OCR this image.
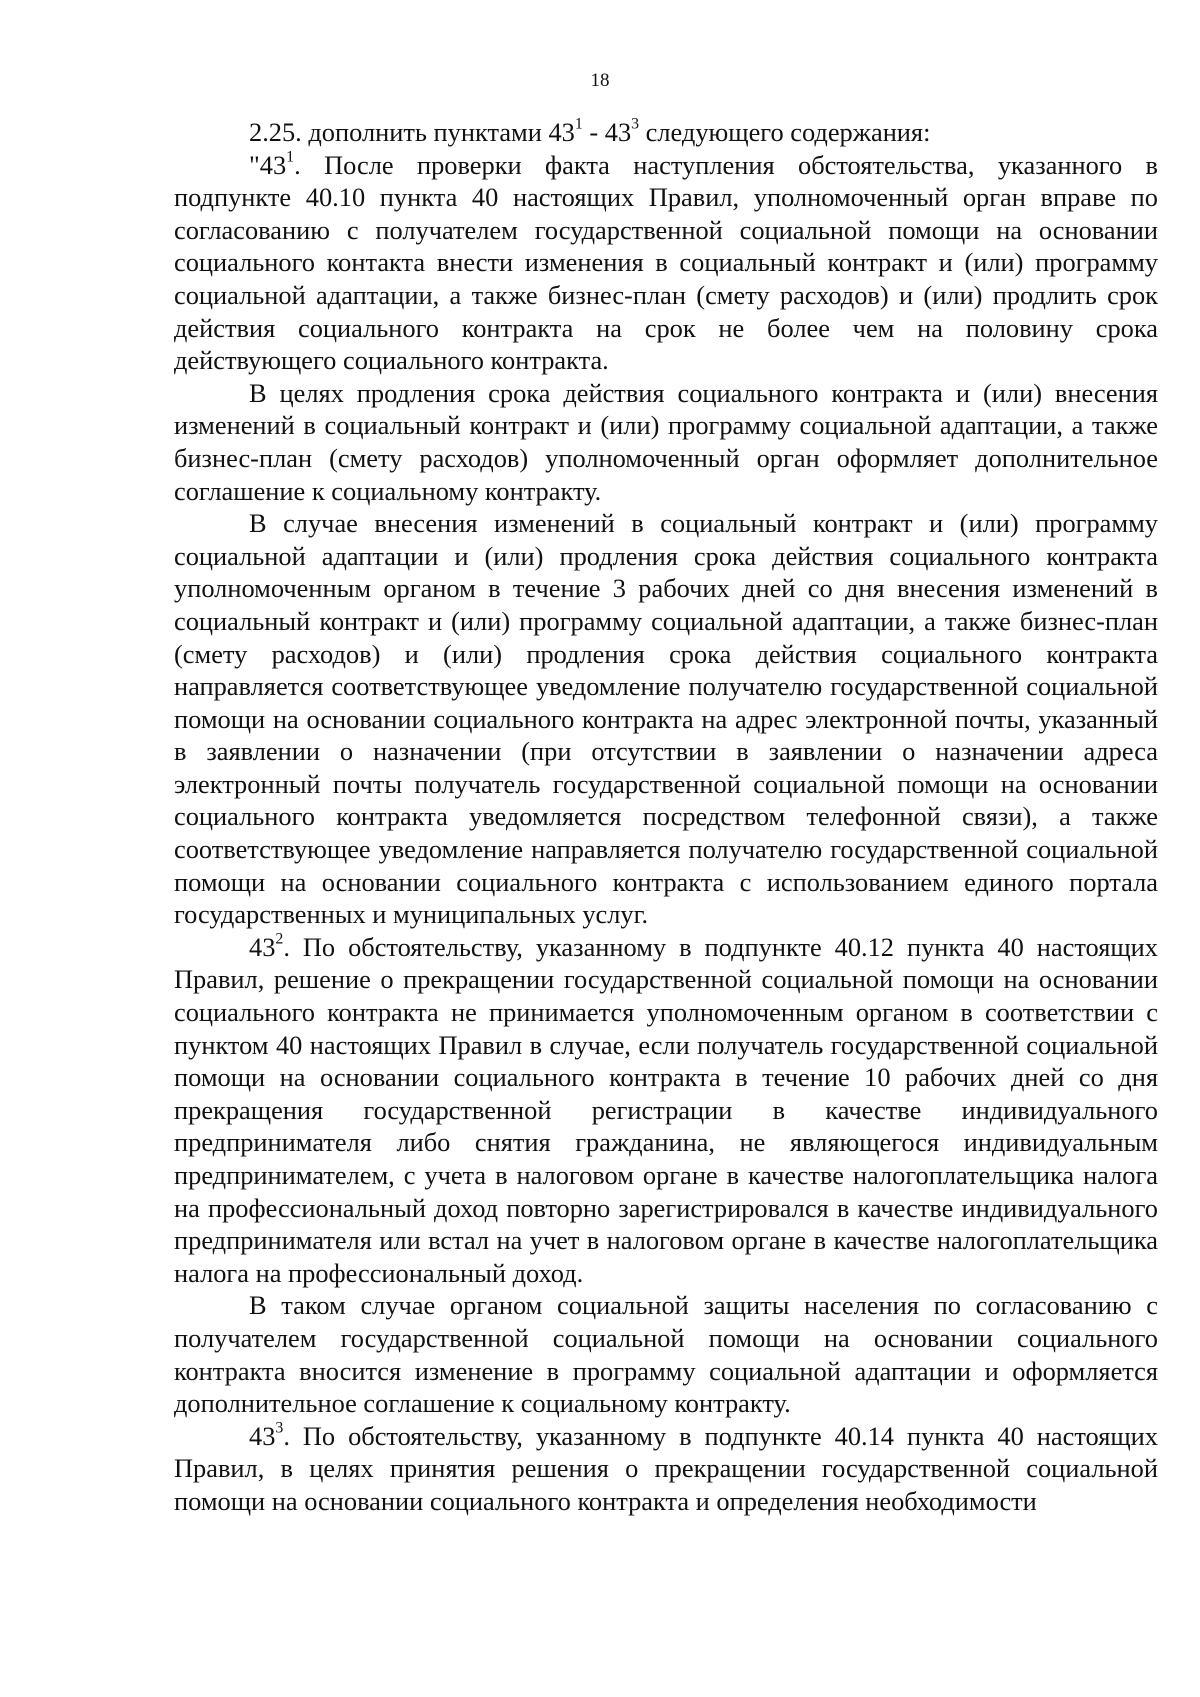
18

2.25. дополнить пунктами $43^1 - 43^3$ следующего содержания:

"$43^1$. После проверки факта наступления обстоятельства, указанного в подпункте 40.10 пункта 40 настоящих Правил, уполномоченный орган вправе по согласованию с получателем государственной социальной помощи на основании социального контакта внести изменения в социальный контракт и (или) программу социальной адаптации, а также бизнес-план (смету расходов) и (или) продлить срок действия социального контракта на срок не более чем на половину срока действующего социального контракта.

В целях продления срока действия социального контракта и (или) внесения изменений в социальный контракт и (или) программу социальной адаптации, а также бизнес-план (смету расходов) уполномоченный орган оформляет дополнительное соглашение к социальному контракту.

В случае внесения изменений в социальный контракт и (или) программу социальной адаптации и (или) продления срока действия социального контракта уполномоченным органом в течение 3 рабочих дней со дня внесения изменений в социальный контракт и (или) программу социальной адаптации, а также бизнес-план (смету расходов) и (или) продления срока действия социального контракта направляется соответствующее уведомление получателю государственной социальной помощи на основании социального контракта на адрес электронной почты, указанный в заявлении о назначении (при отсутствии в заявлении о назначении адреса электронный почты получатель государственной социальной помощи на основании социального контракта уведомляется посредством телефонной связи), а также соответствующее уведомление направляется получателю государственной социальной помощи на основании социального контракта с использованием единого портала государственных и муниципальных услуг.

$43^2$. По обстоятельству, указанному в подпункте 40.12 пункта 40 настоящих Правил, решение о прекращении государственной социальной помощи на основании социального контракта не принимается уполномоченным органом в соответствии с пунктом 40 настоящих Правил в случае, если получатель государственной социальной помощи на основании социального контракта в течение 10 рабочих дней со дня прекращения государственной регистрации в качестве индивидуального предпринимателя либо снятия гражданина, не являющегося индивидуальным предпринимателем, с учета в налоговом органе в качестве налогоплательщика налога на профессиональный доход повторно зарегистрировался в качестве индивидуального предпринимателя или встал на учет в налоговом органе в качестве налогоплательщика налога на профессиональный доход.

В таком случае органом социальной защиты населения по согласованию с получателем государственной социальной помощи на основании социального контракта вносится изменение в программу социальной адаптации и оформляется дополнительное соглашение к социальному контракту.

$43^3$. По обстоятельству, указанному в подпункте 40.14 пункта 40 настоящих Правил, в целях принятия решения о прекращении государственной социальной помощи на основании социального контракта и определения необходимости
